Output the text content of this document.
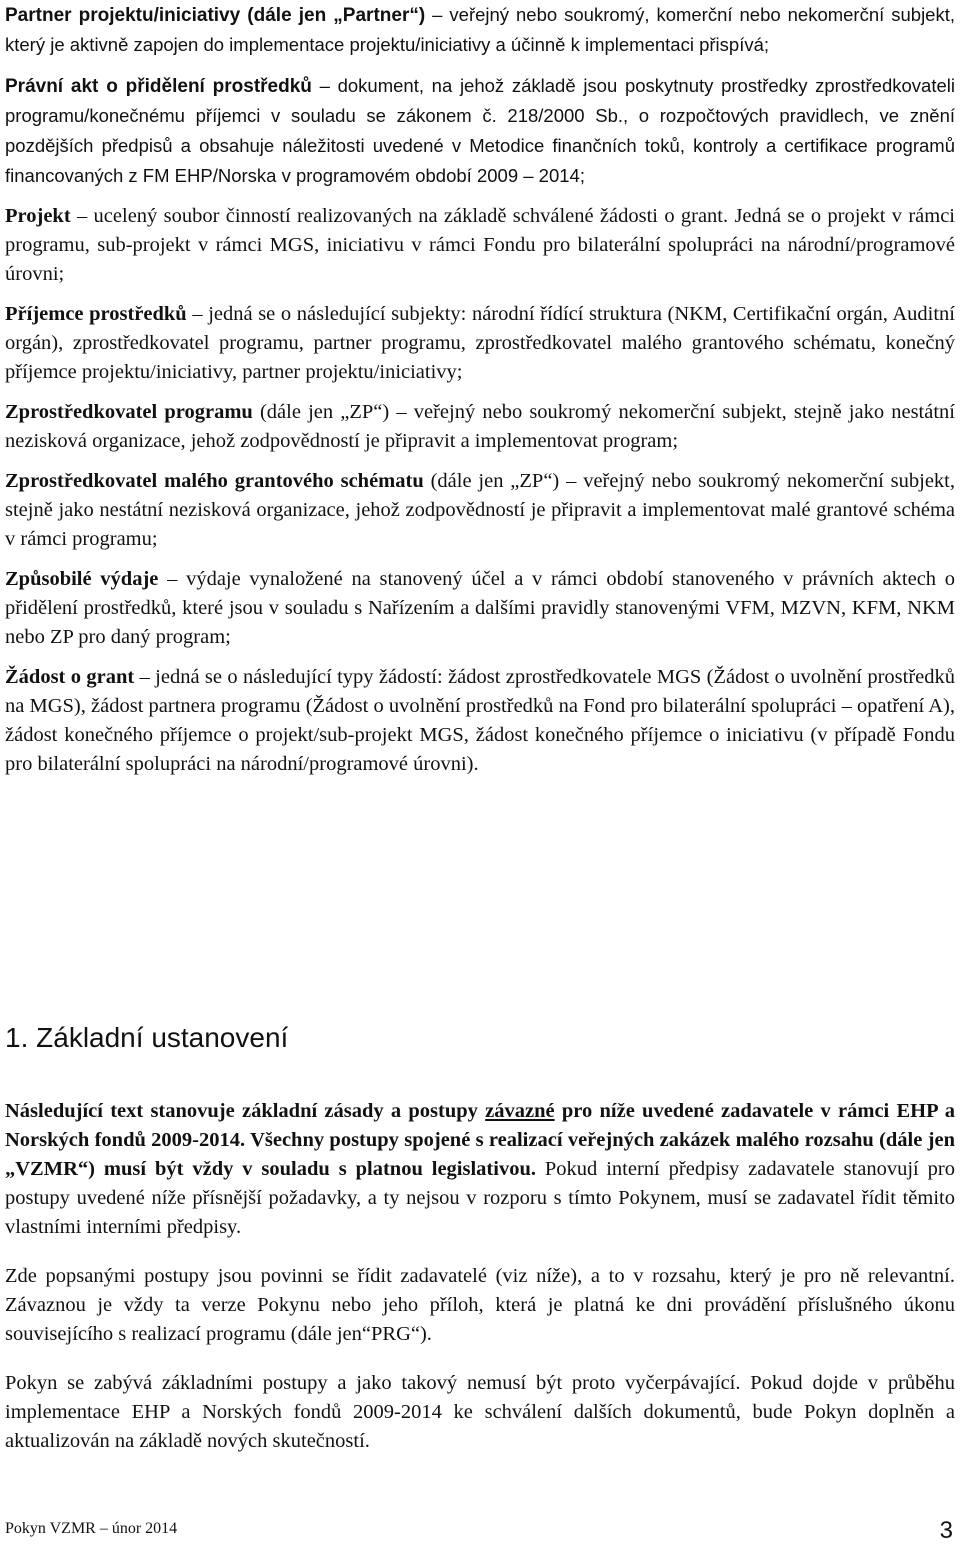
Partner projektu/iniciativy (dále jen „Partner“) – veřejný nebo soukromý, komerční nebo nekomerční subjekt, který je aktivně zapojen do implementace projektu/iniciativy a účinně k implementaci přispívá;

Právní akt o přidělení prostředků – dokument, na jehož základě jsou poskytnuty prostředky zprostředkovateli programu/konečnému příjemci v souladu se zákonem č. 218/2000 Sb., o rozpočtových pravidlech, ve znění pozdějších předpisů a obsahuje náležitosti uvedené v Metodice finančních toků, kontroly a certifikace programů financovaných z FM EHP/Norska v programovém období 2009 – 2014;

Projekt – ucelený soubor činností realizovaných na základě schválené žádosti o grant. Jedná se o projekt v rámci programu, sub-projekt v rámci MGS, iniciativu v rámci Fondu pro bilaterální spolupráci na národní/programové úrovni;

Příjemce prostředků – jedná se o následující subjekty: národní řídící struktura (NKM, Certifikační orgán, Auditní orgán), zprostředkovatel programu, partner programu, zprostředkovatel malého grantového schématu, konečný příjemce projektu/iniciativy, partner projektu/iniciativy;

Zprostředkovatel programu (dále jen „ZP“) – veřejný nebo soukromý nekomerční subjekt, stejně jako nestátní nezisková organizace, jehož zodpovědností je připravit a implementovat program;

Zprostředkovatel malého grantového schématu (dále jen „ZP“) – veřejný nebo soukromý nekomerční subjekt, stejně jako nestátní nezisková organizace, jehož zodpovědností je připravit a implementovat malé grantové schéma v rámci programu;

Způsobilé výdaje – výdaje vynaložené na stanovený účel a v rámci období stanoveného v právních aktech o přidělení prostředků, které jsou v souladu s Nařízením a dalšími pravidly stanovenými VFM, MZVN, KFM, NKM nebo ZP pro daný program;

Žádost o grant – jedná se o následující typy žádostí: žádost zprostředkovatele MGS (Žádost o uvolnění prostředků na MGS), žádost partnera programu (Žádost o uvolnění prostředků na Fond pro bilaterální spolupráci – opatření A), žádost konečného příjemce o projekt/sub-projekt MGS, žádost konečného příjemce o iniciativu (v případě Fondu pro bilaterální spolupráci na národní/programové úrovni).

1. Základní ustanovení

Následující text stanovuje základní zásady a postupy závazné pro níže uvedené zadavatele v rámci EHP a Norských fondů 2009-2014. Všechny postupy spojené s realizací veřejných zakázek malého rozsahu (dále jen „VZMR“) musí být vždy v souladu s platnou legislativou. Pokud interní předpisy zadavatele stanovují pro postupy uvedené níže přísnější požadavky, a ty nejsou v rozporu s tímto Pokynem, musí se zadavatel řídit těmito vlastními interními předpisy.

Zde popsanými postupy jsou povinni se řídit zadavatelé (viz níže), a to v rozsahu, který je pro ně relevantní. Závaznou je vždy ta verze Pokynu nebo jeho příloh, která je platná ke dni provádění příslušného úkonu souvisejícího s realizací programu (dále jen“PRG“).

Pokyn se zabývá základními postupy a jako takový nemusí být proto vyčerpávající. Pokud dojde v průběhu implementace EHP a Norských fondů 2009-2014 ke schválení dalších dokumentů, bude Pokyn doplněn a aktualizován na základě nových skutečností.

Pokyn VZMR – únor 2014	3
